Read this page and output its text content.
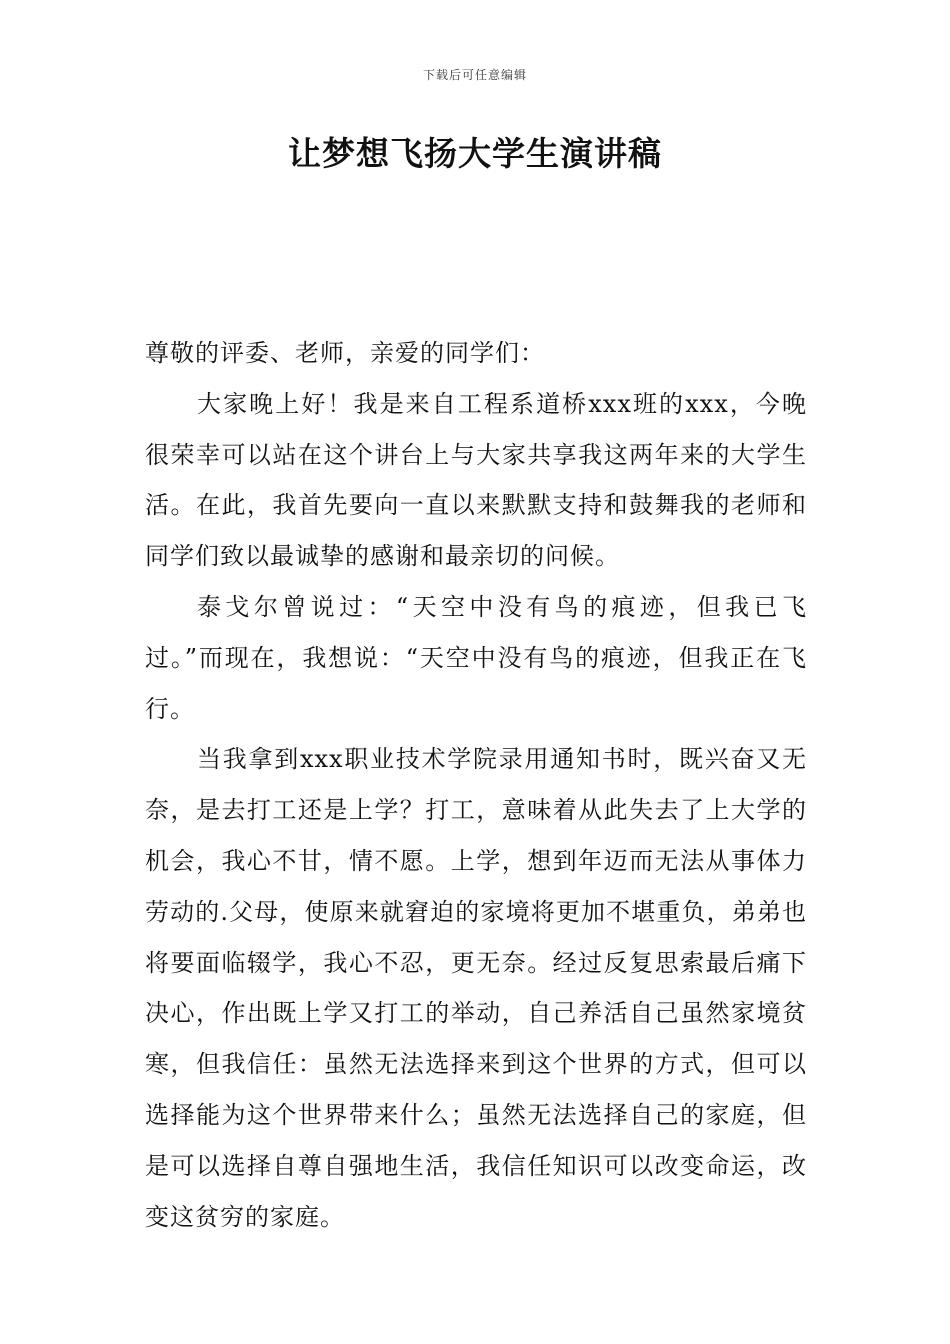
下载后可任意编辑
让梦想飞扬大学生演讲稿

尊敬的评委、老师，亲爱的同学们：

大家晚上好！我是来自工程系道桥xxx班的xxx，今晚很荣幸可以站在这个讲台上与大家共享我这两年来的大学生活。在此，我首先要向一直以来默默支持和鼓舞我的老师和同学们致以最诚挚的感谢和最亲切的问候。

泰戈尔曾说过：“天空中没有鸟的痕迹，但我已飞过。”而现在，我想说：“天空中没有鸟的痕迹，但我正在飞行。

当我拿到xxx职业技术学院录用通知书时，既兴奋又无奈，是去打工还是上学？打工，意味着从此失去了上大学的机会，我心不甘，情不愿。上学，想到年迈而无法从事体力劳动的.父母，使原来就窘迫的家境将更加不堪重负，弟弟也将要面临辍学，我心不忍，更无奈。经过反复思索最后痛下决心，作出既上学又打工的举动，自己养活自己虽然家境贫寒，但我信任：虽然无法选择来到这个世界的方式，但可以选择能为这个世界带来什么；虽然无法选择自己的家庭，但是可以选择自尊自强地生活，我信任知识可以改变命运，改变这贫穷的家庭。
